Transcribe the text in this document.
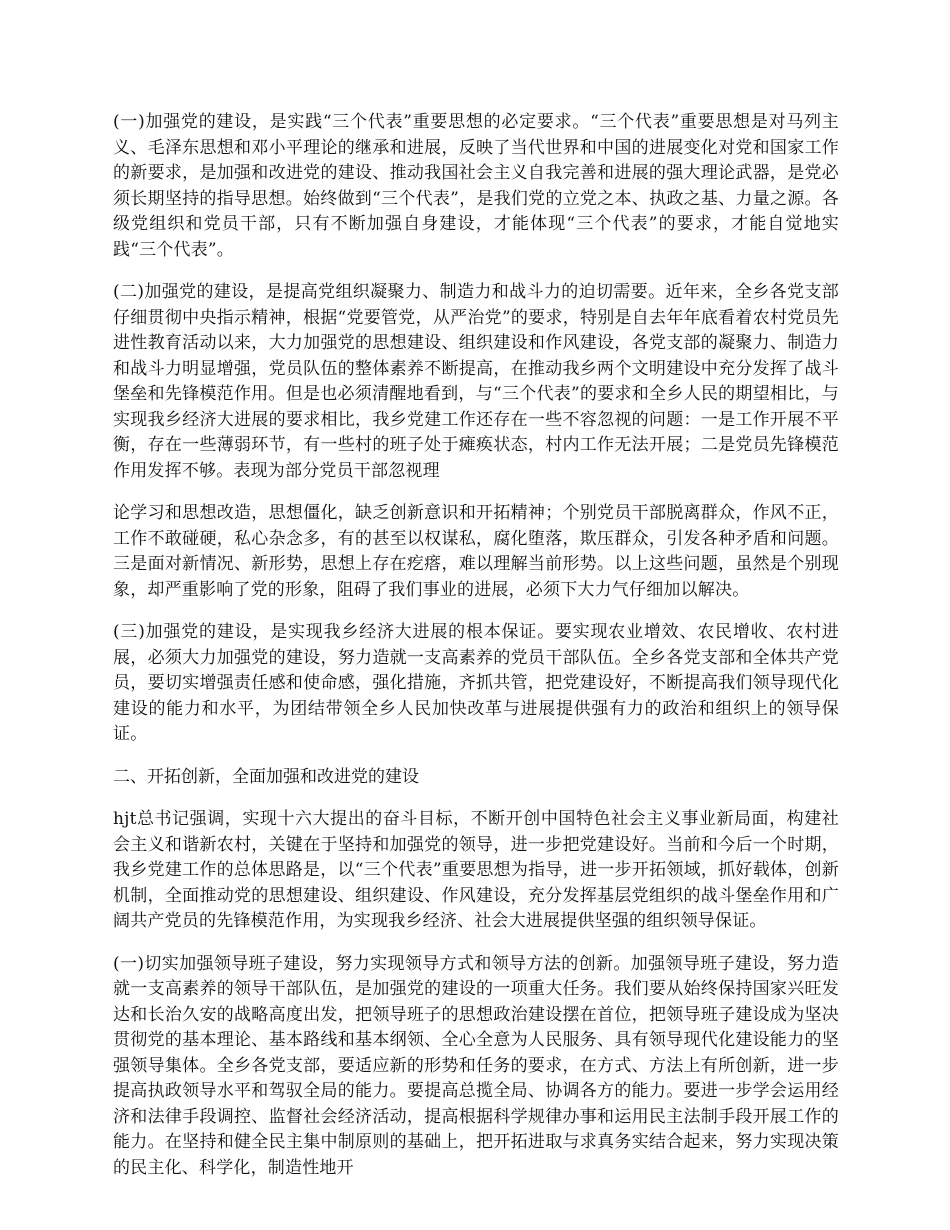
(一)加强党的建设，是实践“三个代表”重要思想的必定要求。“三个代表”重要思想是对马列主义、毛泽东思想和邓小平理论的继承和进展，反映了当代世界和中国的进展变化对党和国家工作的新要求，是加强和改进党的建设、推动我国社会主义自我完善和进展的强大理论武器，是党必须长期坚持的指导思想。始终做到“三个代表”，是我们党的立党之本、执政之基、力量之源。各级党组织和党员干部，只有不断加强自身建设，才能体现“三个代表”的要求，才能自觉地实践“三个代表”。

(二)加强党的建设，是提高党组织凝聚力、制造力和战斗力的迫切需要。近年来，全乡各党支部仔细贯彻中央指示精神，根据“党要管党，从严治党”的要求，特别是自去年年底看着农村党员先进性教育活动以来，大力加强党的思想建设、组织建设和作风建设，各党支部的凝聚力、制造力和战斗力明显增强，党员队伍的整体素养不断提高，在推动我乡两个文明建设中充分发挥了战斗堡垒和先锋模范作用。但是也必须清醒地看到，与“三个代表”的要求和全乡人民的期望相比，与实现我乡经济大进展的要求相比，我乡党建工作还存在一些不容忽视的问题：一是工作开展不平衡，存在一些薄弱环节，有一些村的班子处于瘫痪状态，村内工作无法开展；二是党员先锋模范作用发挥不够。表现为部分党员干部忽视理

论学习和思想改造，思想僵化，缺乏创新意识和开拓精神；个别党员干部脱离群众，作风不正，工作不敢碰硬，私心杂念多，有的甚至以权谋私，腐化堕落，欺压群众，引发各种矛盾和问题。三是面对新情况、新形势，思想上存在疙瘩，难以理解当前形势。以上这些问题，虽然是个别现象，却严重影响了党的形象，阻碍了我们事业的进展，必须下大力气仔细加以解决。

(三)加强党的建设，是实现我乡经济大进展的根本保证。要实现农业增效、农民增收、农村进展，必须大力加强党的建设，努力造就一支高素养的党员干部队伍。全乡各党支部和全体共产党员，要切实增强责任感和使命感，强化措施，齐抓共管，把党建设好，不断提高我们领导现代化建设的能力和水平，为团结带领全乡人民加快改革与进展提供强有力的政治和组织上的领导保证。

二、开拓创新，全面加强和改进党的建设

hjt总书记强调，实现十六大提出的奋斗目标，不断开创中国特色社会主义事业新局面，构建社会主义和谐新农村，关键在于坚持和加强党的领导，进一步把党建设好。当前和今后一个时期，我乡党建工作的总体思路是，以“三个代表”重要思想为指导，进一步开拓领域，抓好载体，创新机制，全面推动党的思想建设、组织建设、作风建设，充分发挥基层党组织的战斗堡垒作用和广阔共产党员的先锋模范作用，为实现我乡经济、社会大进展提供坚强的组织领导保证。

(一)切实加强领导班子建设，努力实现领导方式和领导方法的创新。加强领导班子建设，努力造就一支高素养的领导干部队伍，是加强党的建设的一项重大任务。我们要从始终保持国家兴旺发达和长治久安的战略高度出发，把领导班子的思想政治建设摆在首位，把领导班子建设成为坚决贯彻党的基本理论、基本路线和基本纲领、全心全意为人民服务、具有领导现代化建设能力的坚强领导集体。全乡各党支部，要适应新的形势和任务的要求，在方式、方法上有所创新，进一步提高执政领导水平和驾驭全局的能力。要提高总揽全局、协调各方的能力。要进一步学会运用经济和法律手段调控、监督社会经济活动，提高根据科学规律办事和运用民主法制手段开展工作的能力。在坚持和健全民主集中制原则的基础上，把开拓进取与求真务实结合起来，努力实现决策的民主化、科学化，制造性地开
